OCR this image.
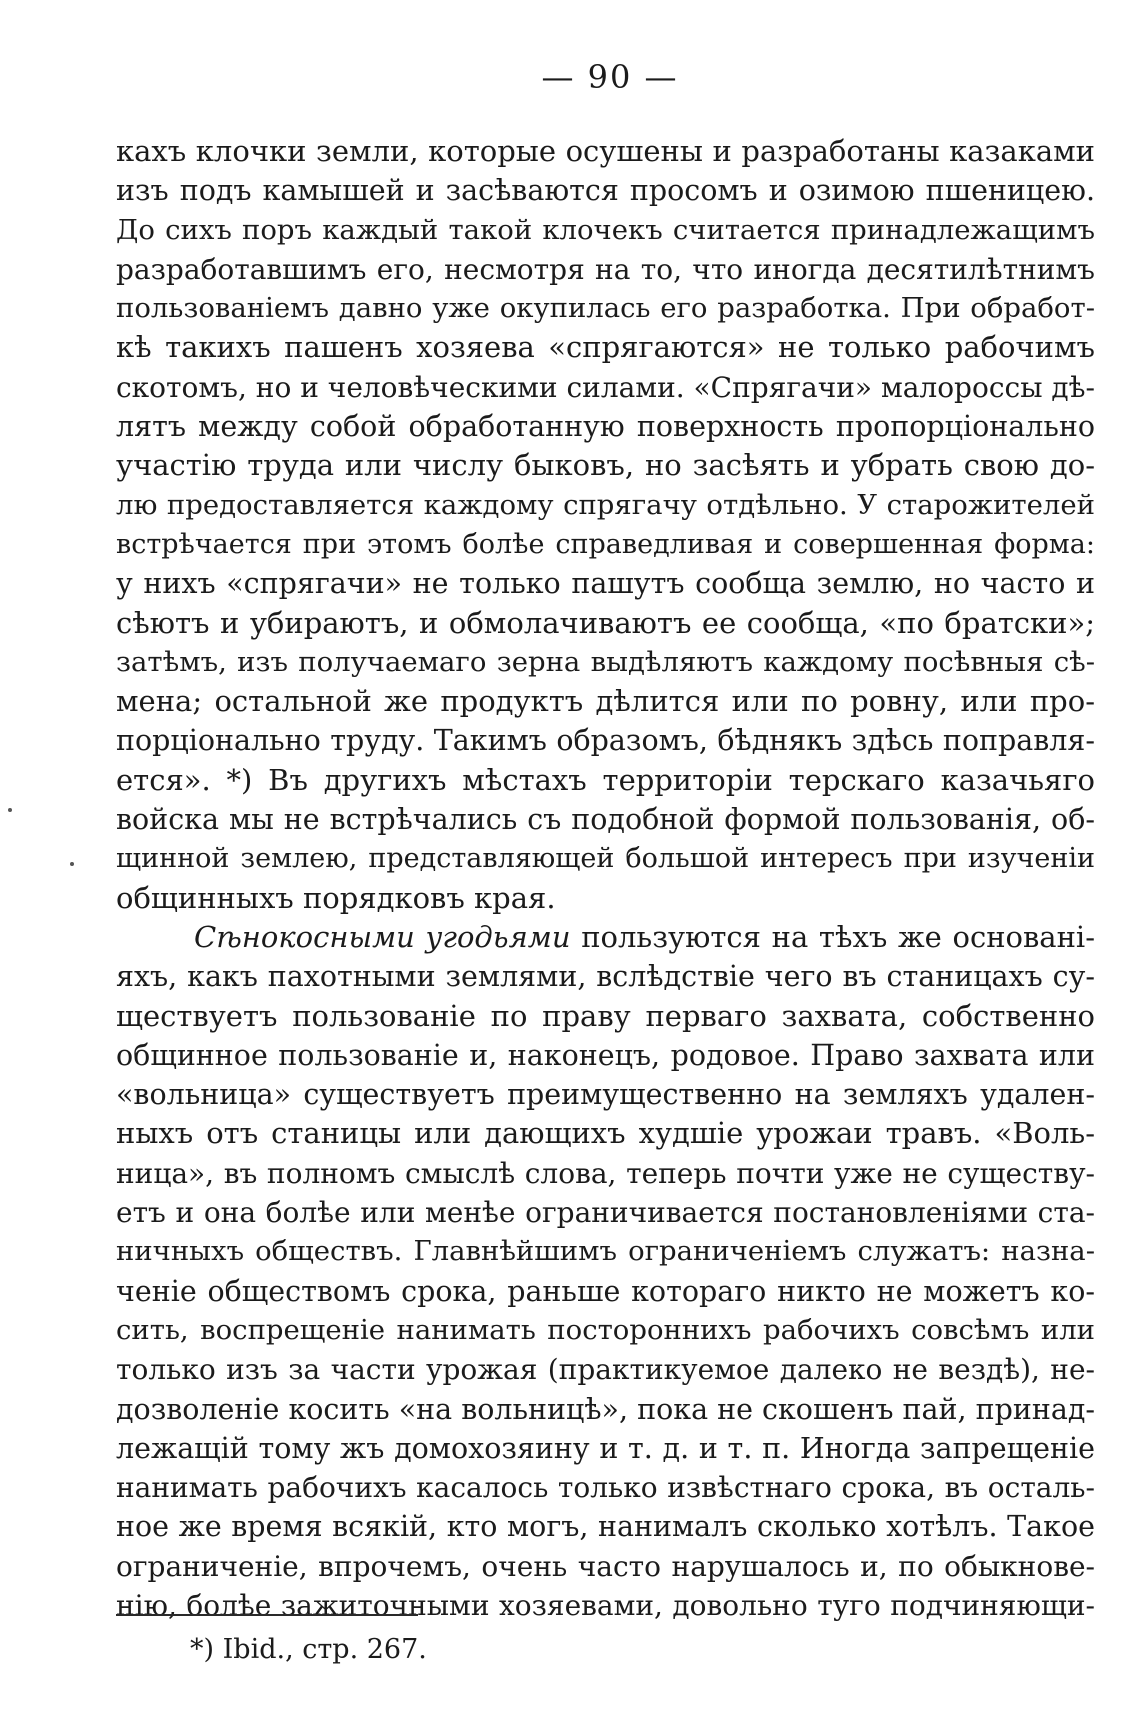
— 90 —
кахъ клочки земли, которые осушены и разработаны казаками
изъ подъ камышей и засѣваются просомъ и озимою пшеницею.
До сихъ поръ каждый такой клочекъ считается принадлежащимъ
разработавшимъ его, несмотря на то, что иногда десятилѣтнимъ
пользованіемъ давно уже окупилась его разработка. При обработ-
кѣ такихъ пашенъ хозяева «спрягаются» не только рабочимъ
скотомъ, но и человѣческими силами. «Спрягачи» малороссы дѣ-
лятъ между собой обработанную поверхность пропорціонально
участію труда или числу быковъ, но засѣять и убрать свою до-
лю предоставляется каждому спрягачу отдѣльно. У старожителей
встрѣчается при этомъ болѣе справедливая и совершенная форма:
у нихъ «спрягачи» не только пашутъ сообща землю, но часто и
сѣютъ и убираютъ, и обмолачиваютъ ее сообща, «по братски»;
затѣмъ, изъ получаемаго зерна выдѣляютъ каждому посѣвныя сѣ-
мена; остальной же продуктъ дѣлится или по ровну, или про-
порціонально труду. Такимъ образомъ, бѣднякъ здѣсь поправля-
ется». *) Въ другихъ мѣстахъ территоріи терскаго казачьяго
войска мы не встрѣчались съ подобной формой пользованія, об-
щинной землею, представляющей большой интересъ при изученіи
общинныхъ порядковъ края.
Сѣнокосными угодьями пользуются на тѣхъ же основані-
яхъ, какъ пахотными землями, вслѣдствіе чего въ станицахъ су-
ществуетъ пользованіе по праву перваго захвата, собственно
общинное пользованіе и, наконецъ, родовое. Право захвата или
«вольница» существуетъ преимущественно на земляхъ удален-
ныхъ отъ станицы или дающихъ худшіе урожаи травъ. «Воль-
ница», въ полномъ смыслѣ слова, теперь почти уже не существу-
етъ и она болѣе или менѣе ограничивается постановленіями ста-
ничныхъ обществъ. Главнѣйшимъ ограниченіемъ служатъ: назна-
ченіе обществомъ срока, раньше котораго никто не можетъ ко-
сить, воспрещеніе нанимать постороннихъ рабочихъ совсѣмъ или
только изъ за части урожая (практикуемое далеко не вездѣ), не-
дозволеніе косить «на вольницѣ», пока не скошенъ пай, принад-
лежащій тому жъ домохозяину и т. д. и т. п. Иногда запрещеніе
нанимать рабочихъ касалось только извѣстнаго срока, въ осталь-
ное же время всякій, кто могъ, нанималъ сколько хотѣлъ. Такое
ограниченіе, впрочемъ, очень часто нарушалось и, по обыкнове-
нію, болѣе зажиточными хозяевами, довольно туго подчиняющи-
*) Ibid., стр. 267.
